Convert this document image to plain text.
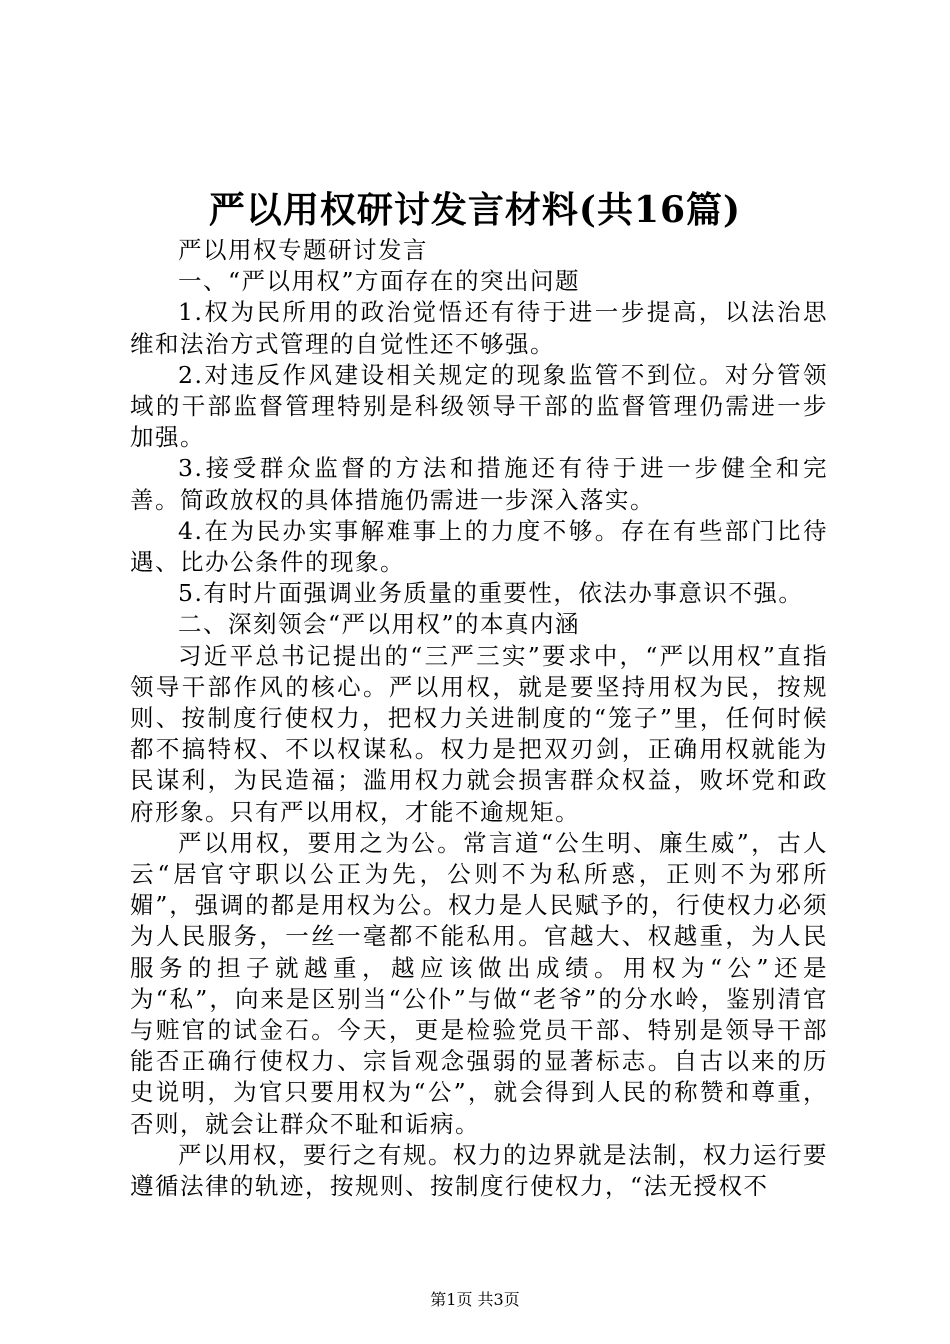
严以用权研讨发言材料(共16篇)

严以用权专题研讨发言

一、“严以用权”方面存在的突出问题

1.权为民所用的政治觉悟还有待于进一步提高，以法治思维和法治方式管理的自觉性还不够强。

2.对违反作风建设相关规定的现象监管不到位。对分管领域的干部监督管理特别是科级领导干部的监督管理仍需进一步加强。

3.接受群众监督的方法和措施还有待于进一步健全和完善。简政放权的具体措施仍需进一步深入落实。

4.在为民办实事解难事上的力度不够。存在有些部门比待遇、比办公条件的现象。

5.有时片面强调业务质量的重要性，依法办事意识不强。

二、深刻领会“严以用权”的本真内涵

习近平总书记提出的“三严三实”要求中，“严以用权”直指领导干部作风的核心。严以用权，就是要坚持用权为民，按规则、按制度行使权力，把权力关进制度的“笼子”里，任何时候都不搞特权、不以权谋私。权力是把双刃剑，正确用权就能为民谋利，为民造福；滥用权力就会损害群众权益，败坏党和政府形象。只有严以用权，才能不逾规矩。

严以用权，要用之为公。常言道“公生明、廉生威”，古人云“居官守职以公正为先，公则不为私所惑，正则不为邪所媚”，强调的都是用权为公。权力是人民赋予的，行使权力必须为人民服务，一丝一毫都不能私用。官越大、权越重，为人民服务的担子就越重，越应该做出成绩。用权为“公”还是为“私”，向来是区别当“公仆”与做“老爷”的分水岭，鉴别清官与赃官的试金石。今天，更是检验党员干部、特别是领导干部能否正确行使权力、宗旨观念强弱的显著标志。自古以来的历史说明，为官只要用权为“公”，就会得到人民的称赞和尊重，否则，就会让群众不耻和诟病。

严以用权，要行之有规。权力的边界就是法制，权力运行要遵循法律的轨迹，按规则、按制度行使权力，“法无授权不

第1页 共3页
